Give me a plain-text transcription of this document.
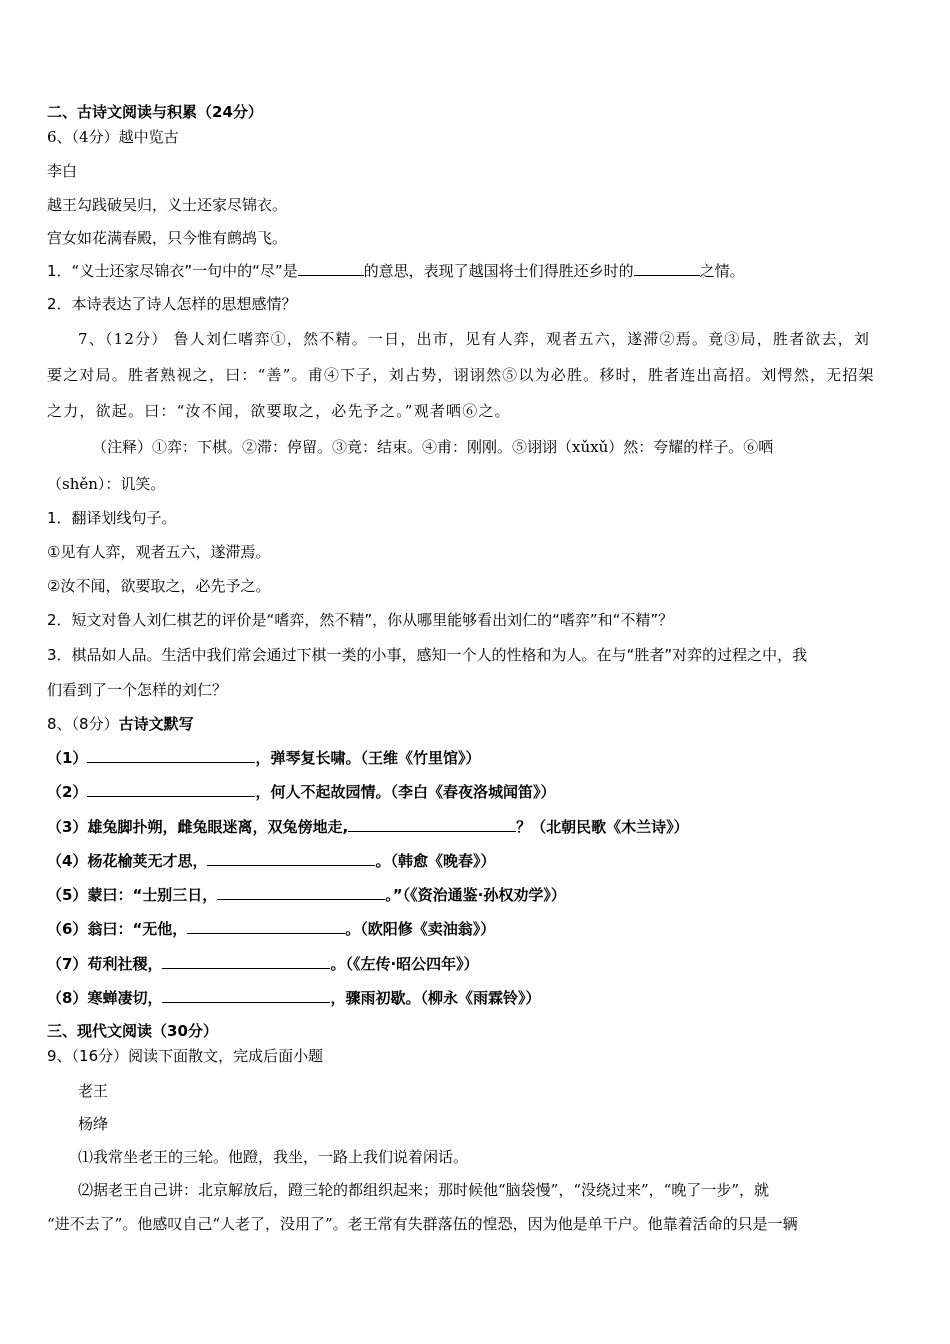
二、古诗文阅读与积累（24分）
6、（4分）越中览古
李白
越王勾践破吴归，义士还家尽锦衣。
宫女如花满春殿，只今惟有鹧鸪飞。
1．“义士还家尽锦衣”一句中的“尽”是	的意思，表现了越国将士们得胜还乡时的	之情。
2．本诗表达了诗人怎样的思想感情？
7、（12分） 鲁人刘仁嗜弈①，然不精。一日，出市，见有人弈，观者五六，遂滞②焉。竟③局，胜者欲去，刘
要之对局。胜者熟视之，曰：“善”。甫④下子，刘占势，诩诩然⑤以为必胜。移时，胜者连出高招。刘愕然，无招架
之力，欲起。曰：“汝不闻，欲要取之，必先予之。”观者哂⑥之。
（注释）①弈：下棋。②滞：停留。③竟：结束。④甫：刚刚。⑤诩诩（xǔxǔ）然：夸耀的样子。⑥哂
（shěn）：讥笑。
1．翻译划线句子。
①见有人弈，观者五六，遂滞焉。
②汝不闻，欲要取之，必先予之。
2．短文对鲁人刘仁棋艺的评价是“嗜弈，然不精”，你从哪里能够看出刘仁的“嗜弈”和“不精”？
3．棋品如人品。生活中我们常会通过下棋一类的小事，感知一个人的性格和为人。在与“胜者”对弈的过程之中，我
们看到了一个怎样的刘仁？
8、（8分）古诗文默写
（1）	，弹琴复长啸。（王维《竹里馆》）
（2）	，何人不起故园情。（李白《春夜洛城闻笛》）
（3）雄兔脚扑朔，雌兔眼迷离，双兔傍地走,	？（北朝民歌《木兰诗》）
（4）杨花榆荚无才思，	。（韩愈《晚春》）
（5）蒙曰：“士别三日，	。”（《资治通鉴·孙权劝学》）
（6）翁曰：“无他，	。（欧阳修《卖油翁》）
（7）苟利社稷，	。（《左传·昭公四年》）
（8）寒蝉凄切，	，骤雨初歇。（柳永《雨霖铃》）
三、现代文阅读（30分）
9、（16分）阅读下面散文，完成后面小题
老王
杨绛
⑴我常坐老王的三轮。他蹬，我坐，一路上我们说着闲话。
⑵据老王自己讲：北京解放后，蹬三轮的都组织起来；那时候他“脑袋慢”，“没绕过来”，“晚了一步”，就
“进不去了”。他感叹自己“人老了，没用了”。老王常有失群落伍的惶恐，因为他是单干户。他靠着活命的只是一辆
